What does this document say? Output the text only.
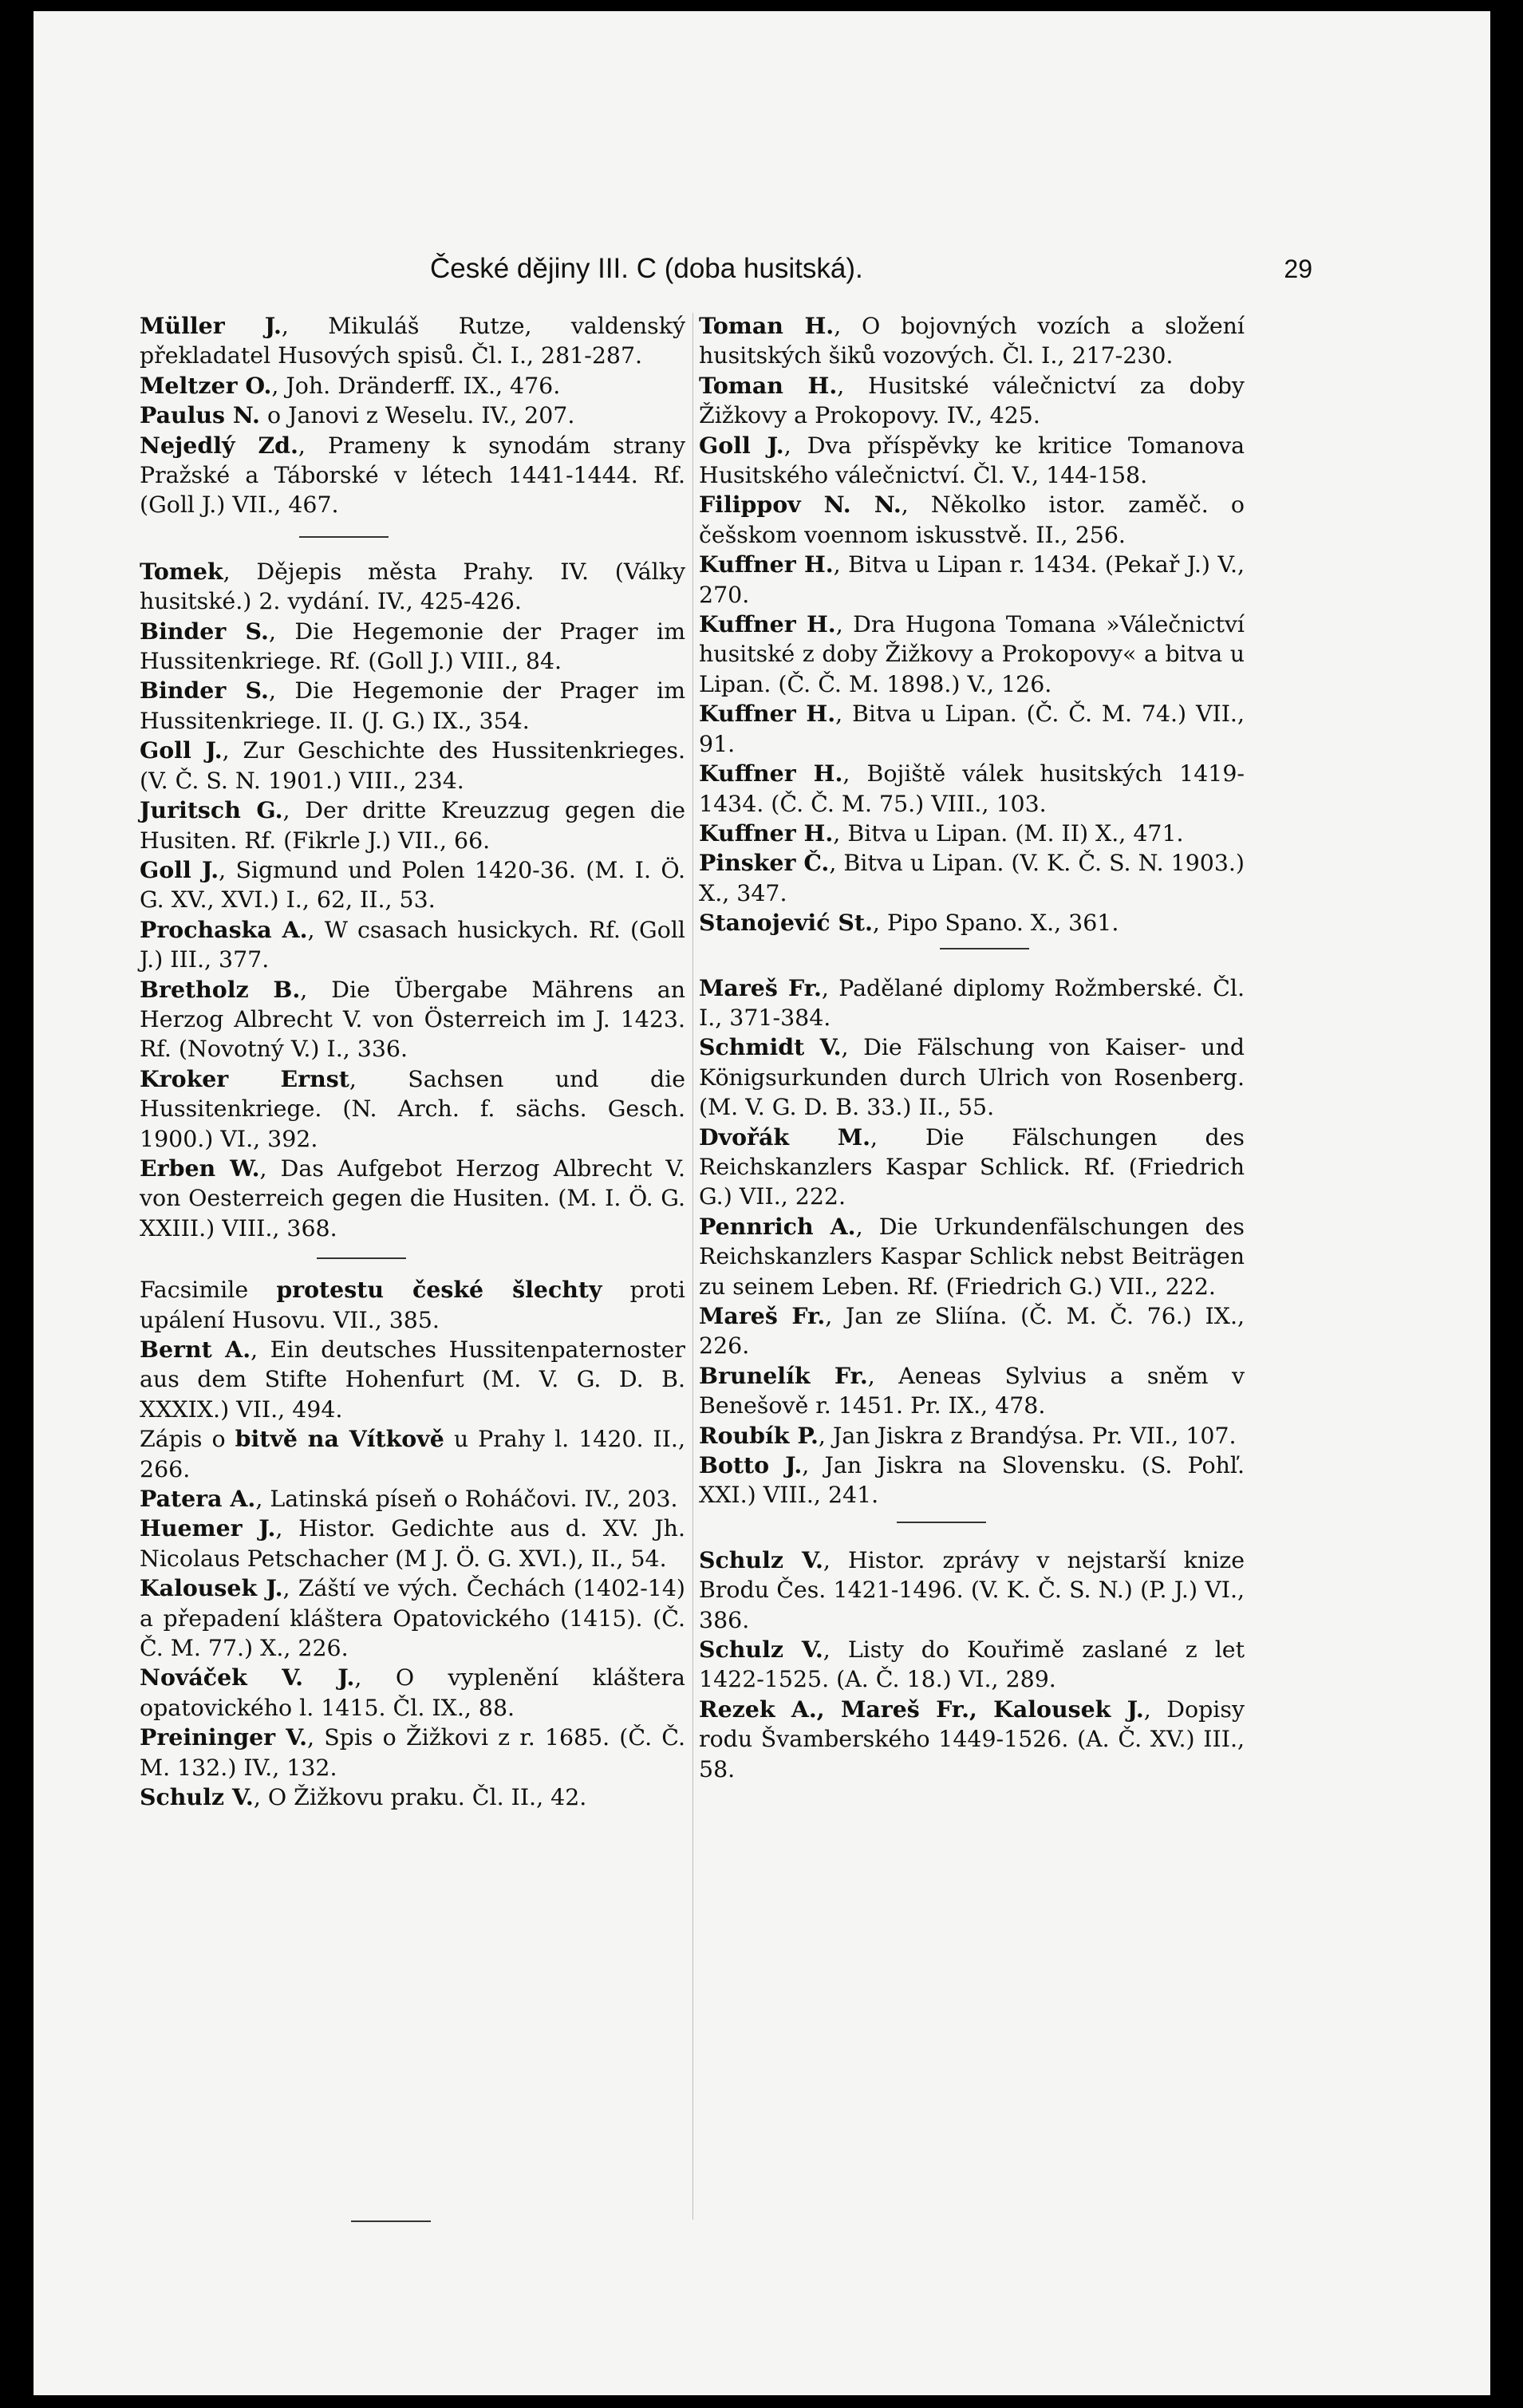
České dějiny III. C (doba husitská).	29

Müller J., Mikuláš Rutze, valdenský překladatel Husových spisů. Čl. I., 281-287.

Meltzer O., Joh. Dränderff. IX., 476.

Paulus N. o Janovi z Weselu. IV., 207.

Nejedlý Zd., Prameny k synodám strany Pražské a Táborské v létech 1441-1444. Rf. (Goll J.) VII., 467.

Tomek, Dějepis města Prahy. IV. (Války husitské.) 2. vydání. IV., 425-426.

Binder S., Die Hegemonie der Prager im Hussitenkriege. Rf. (Goll J.) VIII., 84.

Binder S., Die Hegemonie der Prager im Hussitenkriege. II. (J. G.) IX., 354.

Goll J., Zur Geschichte des Hussitenkrieges. (V. Č. S. N. 1901.) VIII., 234.

Juritsch G., Der dritte Kreuzzug gegen die Husiten. Rf. (Fikrle J.) VII., 66.

Goll J., Sigmund und Polen 1420-36. (M. I. Ö. G. XV., XVI.) I., 62, II., 53.

Prochaska A., W csasach husickych. Rf. (Goll J.) III., 377.

Bretholz B., Die Übergabe Mährens an Herzog Albrecht V. von Österreich im J. 1423. Rf. (Novotný V.) I., 336.

Kroker Ernst, Sachsen und die Hussitenkriege. (N. Arch. f. sächs. Gesch. 1900.) VI., 392.

Erben W., Das Aufgebot Herzog Albrecht V. von Oesterreich gegen die Husiten. (M. I. Ö. G. XXIII.) VIII., 368.

Facsimile protestu české šlechty proti upálení Husovu. VII., 385.

Bernt A., Ein deutsches Hussitenpaternoster aus dem Stifte Hohenfurt (M. V. G. D. B. XXXIX.) VII., 494.

Zápis o bitvě na Vítkově u Prahy l. 1420. II., 266.

Patera A., Latinská píseň o Roháčovi. IV., 203.

Huemer J., Histor. Gedichte aus d. XV. Jh. Nicolaus Petschacher (M J. Ö. G. XVI.), II., 54.

Kalousek J., Záští ve vých. Čechách (1402-14) a přepadení kláštera Opatovického (1415). (Č. Č. M. 77.) X., 226.

Nováček V. J., O vyplenění kláštera opatovického l. 1415. Čl. IX., 88.

Preininger V., Spis o Žižkovi z r. 1685. (Č. Č. M. 132.) IV., 132.

Schulz V., O Žižkovu praku. Čl. II., 42.

Toman H., O bojovných vozích a složení husitských šiků vozových. Čl. I., 217-230.

Toman H., Husitské válečnictví za doby Žižkovy a Prokopovy. IV., 425.

Goll J., Dva příspěvky ke kritice Tomanova Husitského válečnictví. Čl. V., 144-158.

Filippov N. N., Několko istor. zaměč. o češskom voennom iskusstvě. II., 256.

Kuffner H., Bitva u Lipan r. 1434. (Pekař J.) V., 270.

Kuffner H., Dra Hugona Tomana »Válečnictví husitské z doby Žižkovy a Prokopovy« a bitva u Lipan. (Č. Č. M. 1898.) V., 126.

Kuffner H., Bitva u Lipan. (Č. Č. M. 74.) VII., 91.

Kuffner H., Bojiště válek husitských 1419-1434. (Č. Č. M. 75.) VIII., 103.

Kuffner H., Bitva u Lipan. (M. II) X., 471.

Pinsker Č., Bitva u Lipan. (V. K. Č. S. N. 1903.) X., 347.

Stanojević St., Pipo Spano. X., 361.

Mareš Fr., Padělané diplomy Rožmberské. Čl. I., 371-384.

Schmidt V., Die Fälschung von Kaiser- und Königsurkunden durch Ulrich von Rosenberg. (M. V. G. D. B. 33.) II., 55.

Dvořák M., Die Fälschungen des Reichskanzlers Kaspar Schlick. Rf. (Friedrich G.) VII., 222.

Pennrich A., Die Urkundenfälschungen des Reichskanzlers Kaspar Schlick nebst Beiträgen zu seinem Leben. Rf. (Friedrich G.) VII., 222.

Mareš Fr., Jan ze Sliína. (Č. M. Č. 76.) IX., 226.

Brunelík Fr., Aeneas Sylvius a sněm v Benešově r. 1451. Pr. IX., 478.

Roubík P., Jan Jiskra z Brandýsa. Pr. VII., 107.

Botto J., Jan Jiskra na Slovensku. (S. Pohľ. XXI.) VIII., 241.

Schulz V., Histor. zprávy v nejstarší knize Brodu Čes. 1421-1496. (V. K. Č. S. N.) (P. J.) VI., 386.

Schulz V., Listy do Kouřimě zaslané z let 1422-1525. (A. Č. 18.) VI., 289.

Rezek A., Mareš Fr., Kalousek J., Dopisy rodu Švamberského 1449-1526. (A. Č. XV.) III., 58.
